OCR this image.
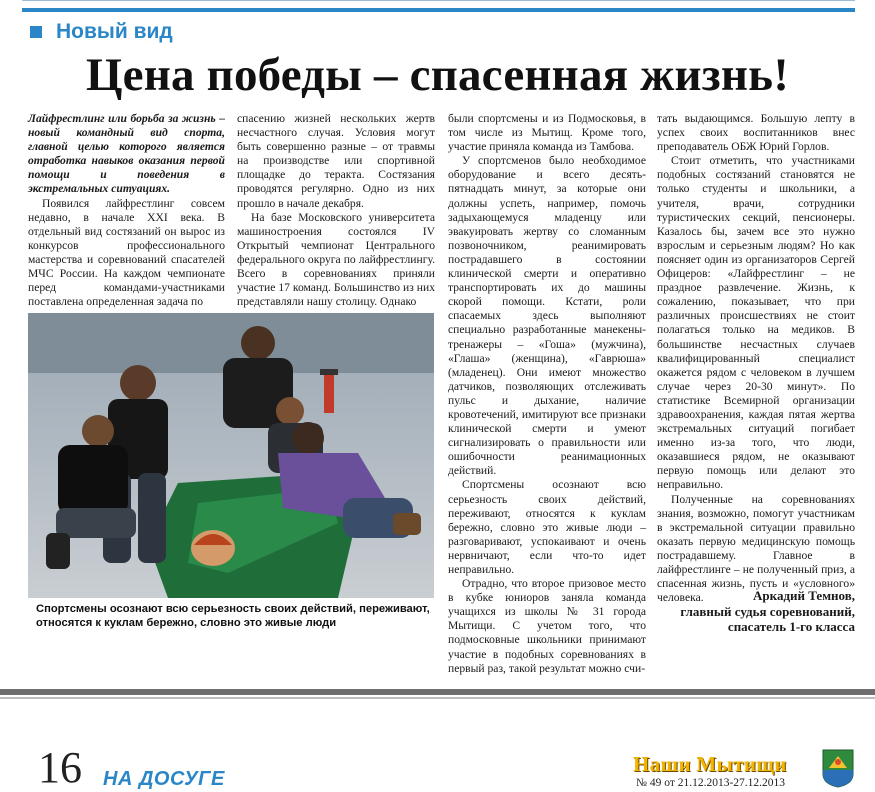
Новый вид
Цена победы – спасенная жизнь!

Лайфрестлинг или борьба за жизнь – новый командный вид спорта, главной целью которого является отработка навыков оказания первой помощи и поведения в экстремальных ситуациях.

Появился лайфрестлинг совсем недавно, в начале XXI века. В отдельный вид состязаний он вырос из конкурсов профессионального мастерства и соревнований спасателей МЧС России. На каждом чемпионате перед командами-участниками поставлена определенная задача по

спасению жизней нескольких жертв несчастного случая. Условия могут быть совершенно разные – от травмы на производстве или спортивной площадке до теракта. Состязания проводятся регулярно. Одно из них прошло в начале декабря.

На базе Московского университета машиностроения состоялся IV Открытый чемпионат Центрального федерального округа по лайфрестлингу. Всего в соревнованиях приняли участие 17 команд. Большинство из них представляли нашу столицу. Однако

были спортсмены и из Подмосковья, в том числе из Мытищ. Кроме того, участие приняла команда из Тамбова.

У спортсменов было необходимое оборудование и всего десять-пятнадцать минут, за которые они должны успеть, например, помочь задыхающемуся младенцу или эвакуировать жертву со сломанным позвоночником, реанимировать пострадавшего в состоянии клинической смерти и оперативно транспортировать их до машины скорой помощи. Кстати, роли спасаемых здесь выполняют специально разработанные манекены-тренажеры – «Гоша» (мужчина), «Глаша» (женщина), «Гаврюша» (младенец). Они имеют множество датчиков, позволяющих отслеживать пульс и дыхание, наличие кровотечений, имитируют все признаки клинической смерти и умеют сигнализировать о правильности или ошибочности реанимационных действий.

Спортсмены осознают всю серьезность своих действий, переживают, относятся к куклам бережно, словно это живые люди – разговаривают, успокаивают и очень нервничают, если что-то идет неправильно.

Отрадно, что второе призовое место в кубке юниоров заняла команда учащихся из школы № 31 города Мытищи. С учетом того, что подмосковные школьники принимают участие в подобных соревнованиях в первый раз, такой результат можно счи-

тать выдающимся. Большую лепту в успех своих воспитанников внес преподаватель ОБЖ Юрий Горлов.

Стоит отметить, что участниками подобных состязаний становятся не только студенты и школьники, а учителя, врачи, сотрудники туристических секций, пенсионеры. Казалось бы, зачем все это нужно взрослым и серьезным людям? Но как поясняет один из организаторов Сергей Офицеров: «Лайфрестлинг – не праздное развлечение. Жизнь, к сожалению, показывает, что при различных происшествиях не стоит полагаться только на медиков. В большинстве несчастных случаев квалифицированный специалист окажется рядом с человеком в лучшем случае через 20-30 минут». По статистике Всемирной организации здравоохранения, каждая пятая жертва экстремальных ситуаций погибает именно из-за того, что люди, оказавшиеся рядом, не оказывают первую помощь или делают это неправильно.

Полученные на соревнованиях знания, возможно, помогут участникам в экстремальной ситуации правильно оказать первую медицинскую помощь пострадавшему. Главное в лайфрестлинге – не полученный приз, а спасенная жизнь, пусть и «условного» человека.	Аркадий Темнов,
главный судья соревнований,
спасатель 1-го класса
Спортсмены осознают всю серьезность своих действий, переживают, относятся к куклам бережно, словно это живые люди
16 НА ДОСУГЕ
Наши Мытищи
№ 49 от 21.12.2013-27.12.2013
